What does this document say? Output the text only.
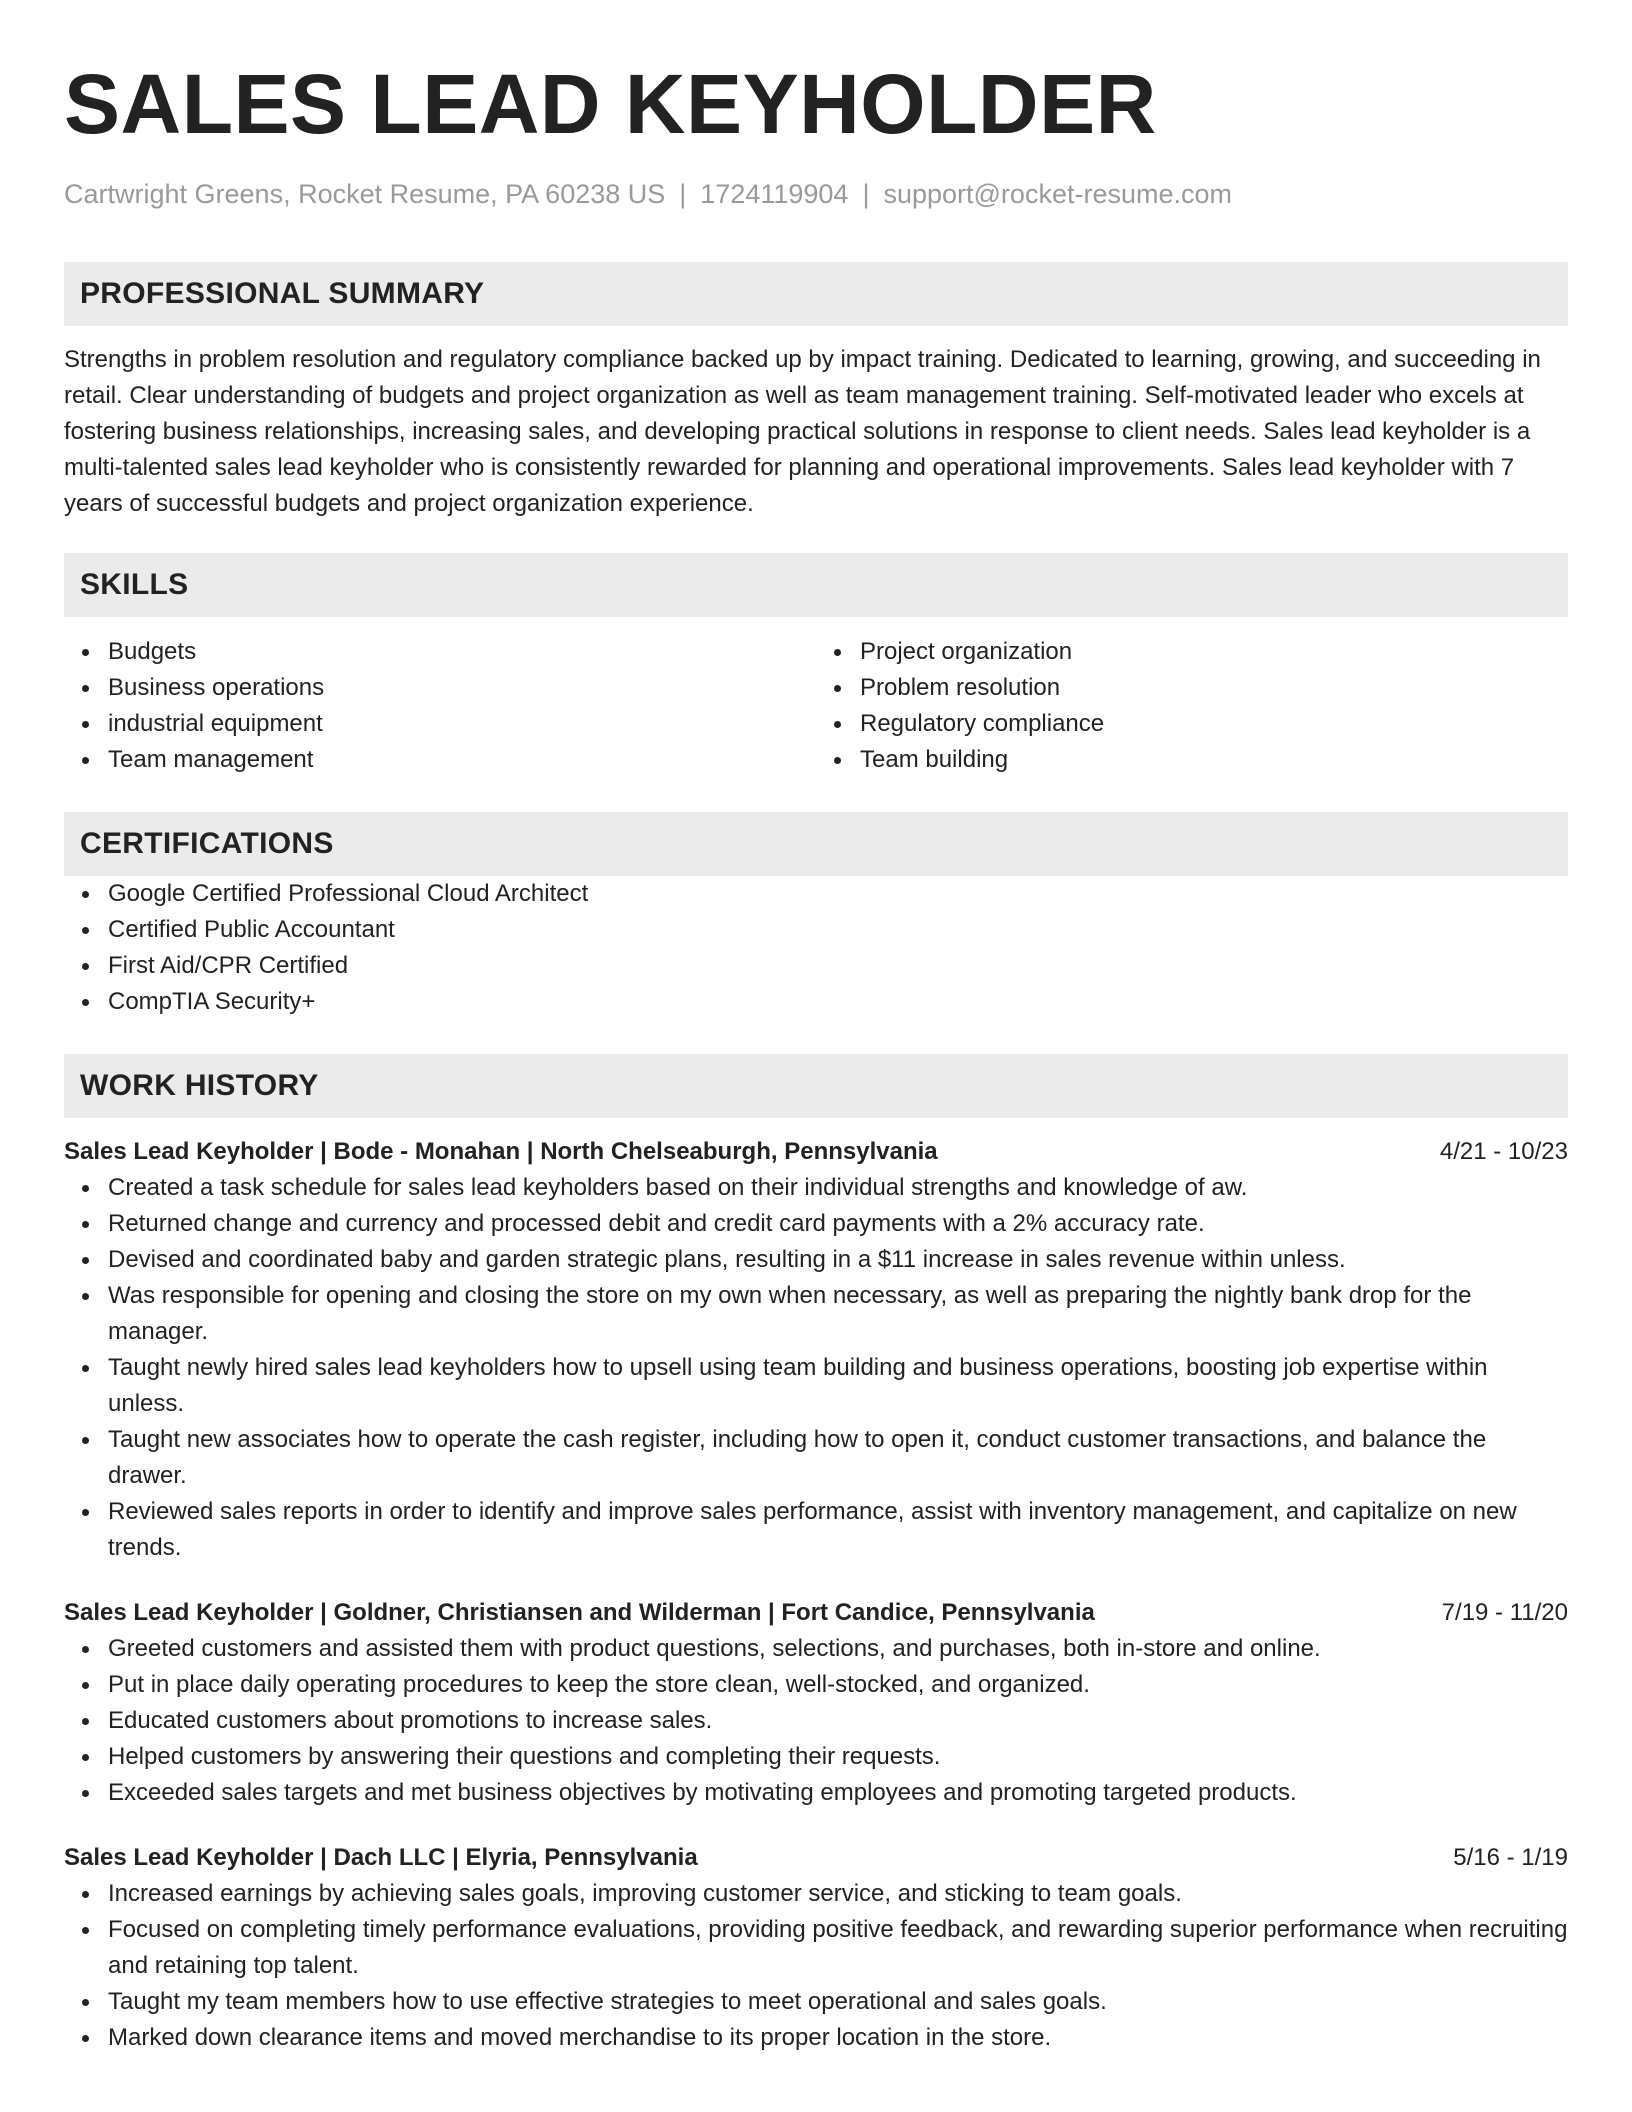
SALES LEAD KEYHOLDER
Cartwright Greens, Rocket Resume, PA 60238 US | 1724119904 | support@rocket-resume.com
PROFESSIONAL SUMMARY
Strengths in problem resolution and regulatory compliance backed up by impact training. Dedicated to learning, growing, and succeeding in retail. Clear understanding of budgets and project organization as well as team management training. Self-motivated leader who excels at fostering business relationships, increasing sales, and developing practical solutions in response to client needs. Sales lead keyholder is a multi-talented sales lead keyholder who is consistently rewarded for planning and operational improvements. Sales lead keyholder with 7 years of successful budgets and project organization experience.
SKILLS
Budgets
Business operations
industrial equipment
Team management
Project organization
Problem resolution
Regulatory compliance
Team building
CERTIFICATIONS
Google Certified Professional Cloud Architect
Certified Public Accountant
First Aid/CPR Certified
CompTIA Security+
WORK HISTORY
Sales Lead Keyholder | Bode - Monahan | North Chelseaburgh, Pennsylvania	4/21 - 10/23
Created a task schedule for sales lead keyholders based on their individual strengths and knowledge of aw.
Returned change and currency and processed debit and credit card payments with a 2% accuracy rate.
Devised and coordinated baby and garden strategic plans, resulting in a $11 increase in sales revenue within unless.
Was responsible for opening and closing the store on my own when necessary, as well as preparing the nightly bank drop for the manager.
Taught newly hired sales lead keyholders how to upsell using team building and business operations, boosting job expertise within unless.
Taught new associates how to operate the cash register, including how to open it, conduct customer transactions, and balance the drawer.
Reviewed sales reports in order to identify and improve sales performance, assist with inventory management, and capitalize on new trends.
Sales Lead Keyholder | Goldner, Christiansen and Wilderman | Fort Candice, Pennsylvania	7/19 - 11/20
Greeted customers and assisted them with product questions, selections, and purchases, both in-store and online.
Put in place daily operating procedures to keep the store clean, well-stocked, and organized.
Educated customers about promotions to increase sales.
Helped customers by answering their questions and completing their requests.
Exceeded sales targets and met business objectives by motivating employees and promoting targeted products.
Sales Lead Keyholder | Dach LLC | Elyria, Pennsylvania	5/16 - 1/19
Increased earnings by achieving sales goals, improving customer service, and sticking to team goals.
Focused on completing timely performance evaluations, providing positive feedback, and rewarding superior performance when recruiting and retaining top talent.
Taught my team members how to use effective strategies to meet operational and sales goals.
Marked down clearance items and moved merchandise to its proper location in the store.
